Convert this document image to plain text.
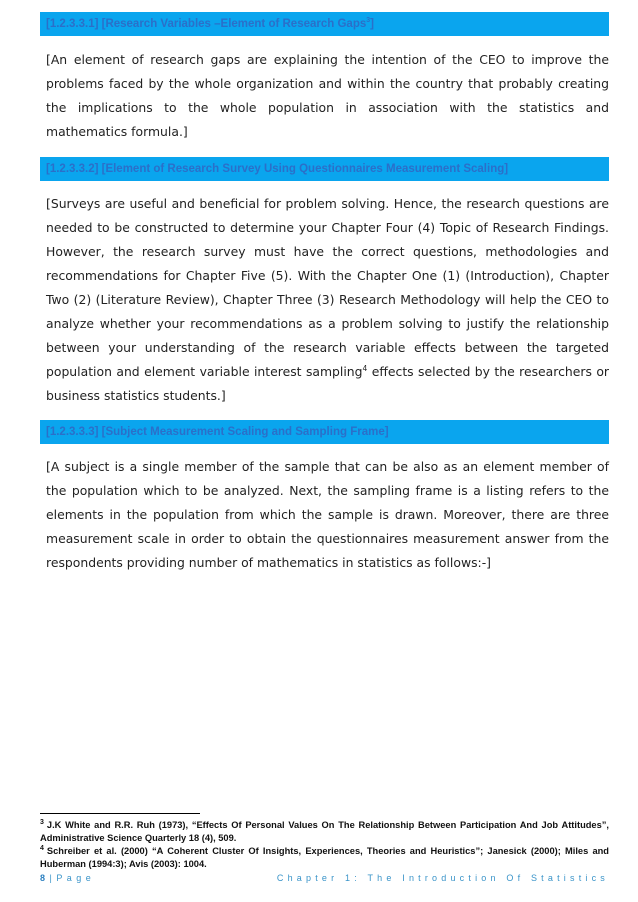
[1.2.3.3.1] [Research Variables –Element of Research Gaps$^3$]

[An element of research gaps are explaining the intention of the CEO to improve the problems faced by the whole organization and within the country that probably creating the implications to the whole population in association with the statistics and mathematics formula.]

[1.2.3.3.2] [Element of Research Survey Using Questionnaires Measurement Scaling]

[Surveys are useful and beneficial for problem solving. Hence, the research questions are needed to be constructed to determine your Chapter Four (4) Topic of Research Findings. However, the research survey must have the correct questions, methodologies and recommendations for Chapter Five (5). With the Chapter One (1) (Introduction), Chapter Two (2) (Literature Review), Chapter Three (3) Research Methodology will help the CEO to analyze whether your recommendations as a problem solving to justify the relationship between your understanding of the research variable effects between the targeted population and element variable interest sampling$^4$ effects selected by the researchers or business statistics students.]

[1.2.3.3.3] [Subject Measurement Scaling and Sampling Frame]

[A subject is a single member of the sample that can be also as an element member of the population which to be analyzed. Next, the sampling frame is a listing refers to the elements in the population from which the sample is drawn. Moreover, there are three measurement scale in order to obtain the questionnaires measurement answer from the respondents providing number of mathematics in statistics as follows:-]

$^3$ J.K White and R.R. Ruh (1973), “Effects Of Personal Values On The Relationship Between Participation And Job Attitudes”, Administrative Science Quarterly 18 (4), 509.
$^4$ Schreiber et al. (2000) “A Coherent Cluster Of Insights, Experiences, Theories and Heuristics”; Janesick (2000); Miles and Huberman (1994:3); Avis (2003): 1004.
8 | P a g e	Chapter 1: The Introduction Of Statistics
